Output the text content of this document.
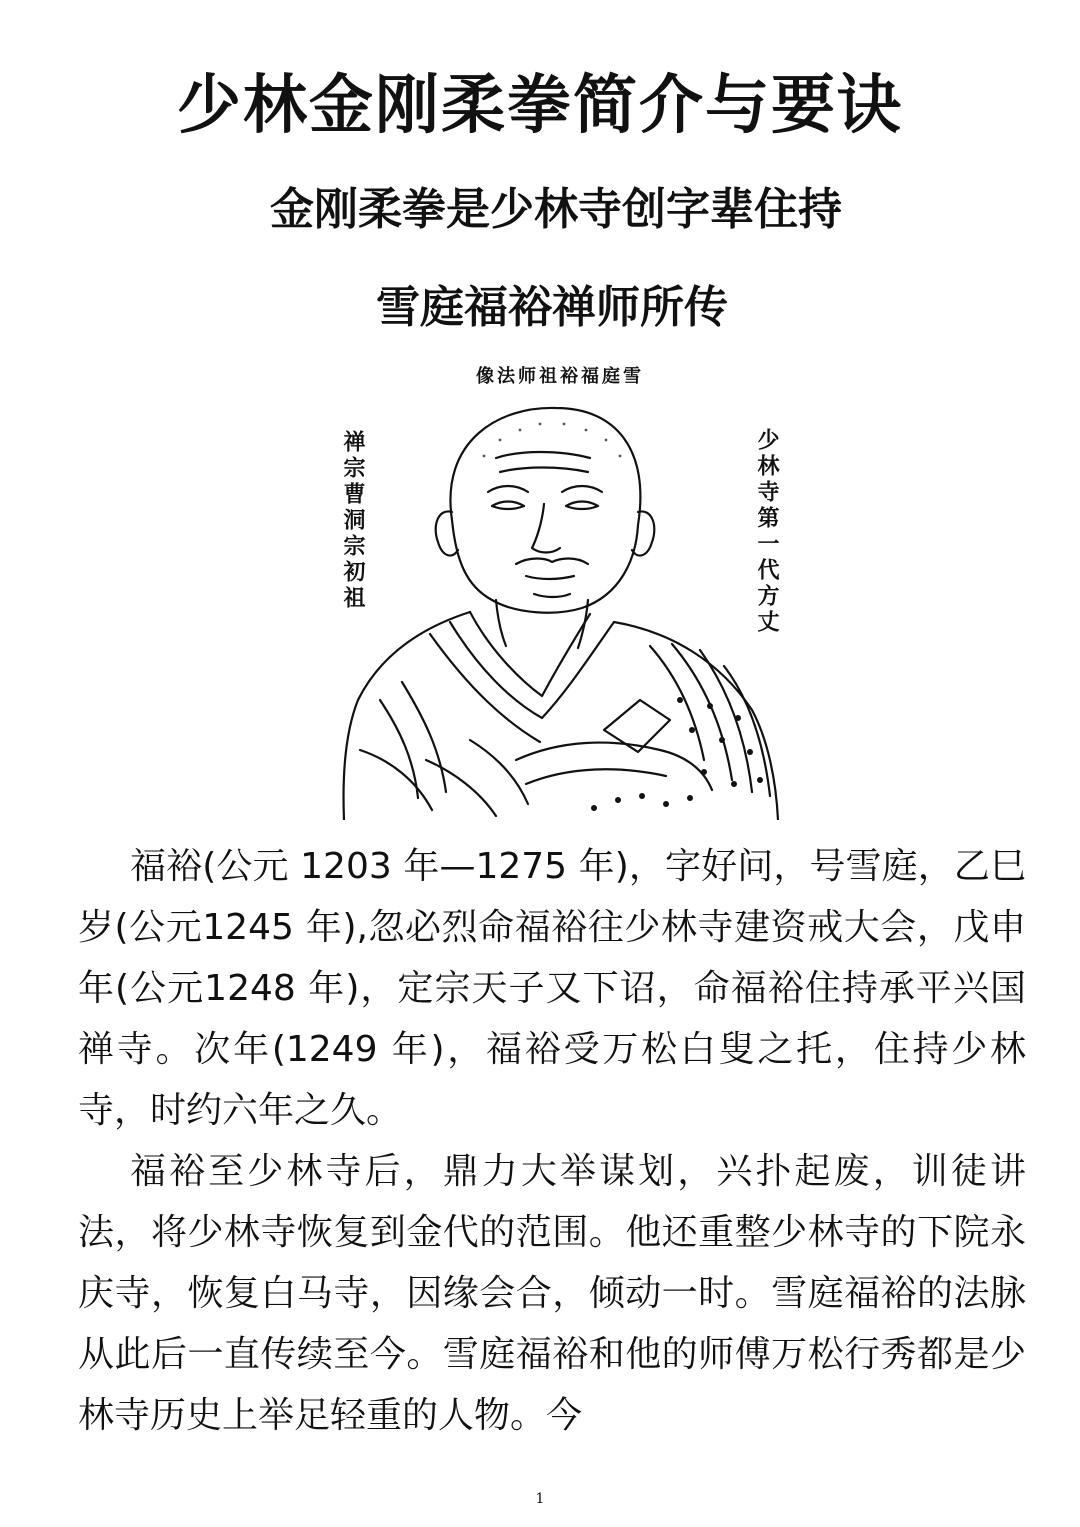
少林金刚柔拳简介与要诀
金刚柔拳是少林寺创字辈住持
雪庭福裕禅师所传
像法师祖裕福庭雪
禅宗曹洞宗初祖	少林寺第一代方丈

福裕(公元 1203 年—1275 年)，字好问，号雪庭，乙巳岁(公元1245 年),忽必烈命福裕往少林寺建资戒大会，戊申年(公元1248 年)，定宗天子又下诏，命福裕住持承平兴国禅寺。次年(1249 年)，福裕受万松白叟之托，住持少林寺，时约六年之久。

福裕至少林寺后，鼎力大举谋划，兴扑起废，训徒讲法，将少林寺恢复到金代的范围。他还重整少林寺的下院永庆寺，恢复白马寺，因缘会合，倾动一时。雪庭福裕的法脉从此后一直传续至今。雪庭福裕和他的师傅万松行秀都是少林寺历史上举足轻重的人物。今

1
